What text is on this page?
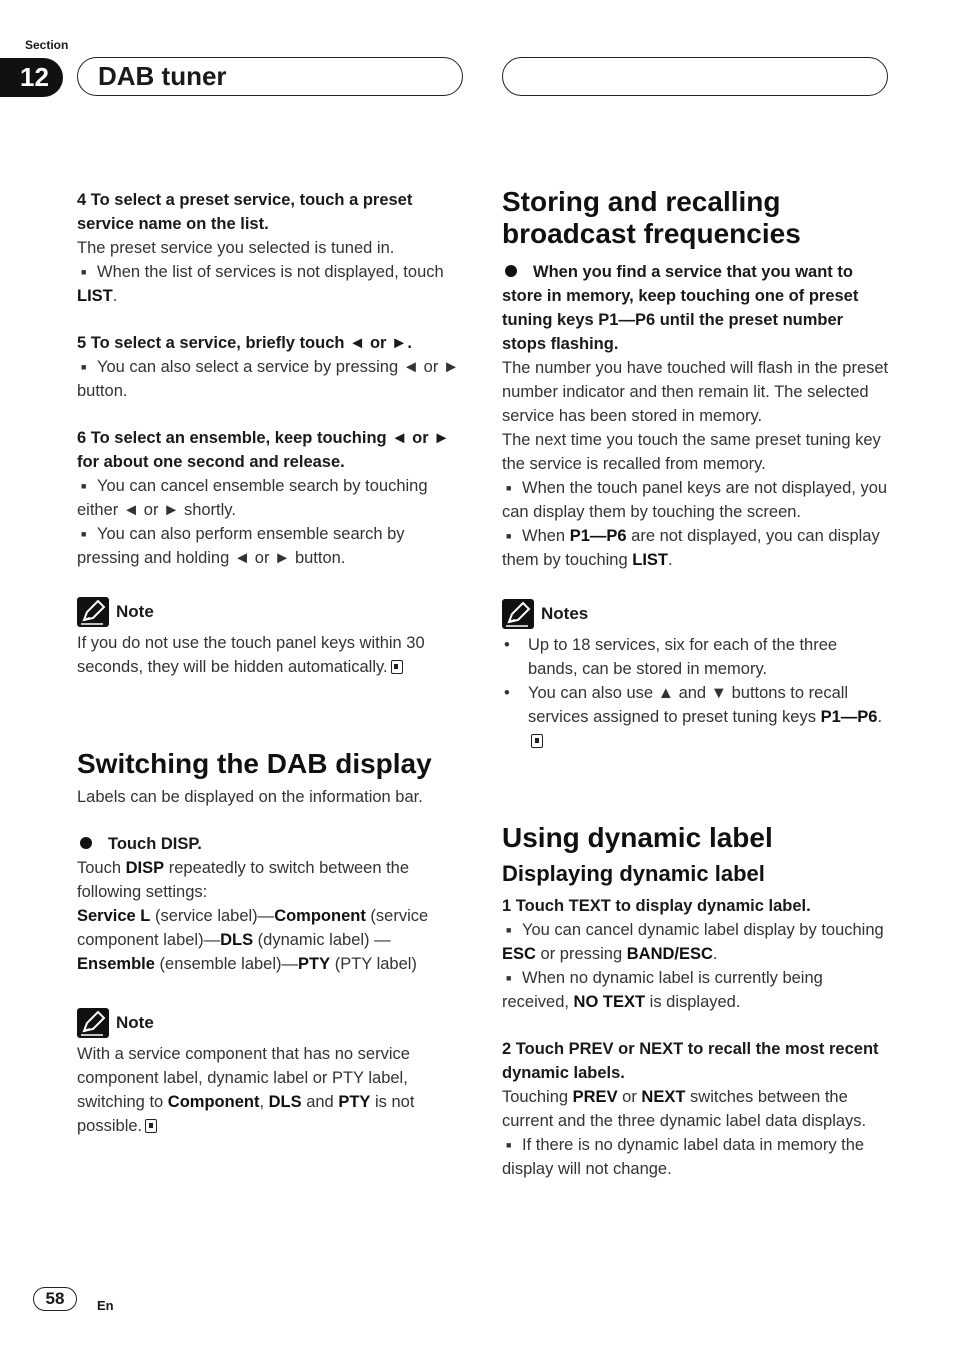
Section
12	DAB tuner

4 To select a preset service, touch a preset service name on the list.

The preset service you selected is tuned in.

■ When the list of services is not displayed, touch LIST.

5 To select a service, briefly touch ◄ or ►.

■ You can also select a service by pressing ◄ or ► button.

6 To select an ensemble, keep touching ◄ or ► for about one second and release.

■ You can cancel ensemble search by touching either ◄ or ► shortly.

■ You can also perform ensemble search by pressing and holding ◄ or ► button.

Note

If you do not use the touch panel keys within 30 seconds, they will be hidden automatically.

Switching the DAB display

Labels can be displayed on the information bar.

Touch DISP.

Touch DISP repeatedly to switch between the following settings:

Service L (service label)—Component (service component label)—DLS (dynamic label) —Ensemble (ensemble label)—PTY (PTY label)

Note

With a service component that has no service component label, dynamic label or PTY label, switching to Component, DLS and PTY is not possible.

Storing and recalling broadcast frequencies

When you find a service that you want to store in memory, keep touching one of preset tuning keys P1—P6 until the preset number stops flashing.

The number you have touched will flash in the preset number indicator and then remain lit. The selected service has been stored in memory.

The next time you touch the same preset tuning key the service is recalled from memory.

■ When the touch panel keys are not displayed, you can display them by touching the screen.

■ When P1—P6 are not displayed, you can display them by touching LIST.

Notes
• Up to 18 services, six for each of the three bands, can be stored in memory.
• You can also use ▲ and ▼ buttons to recall services assigned to preset tuning keys P1—P6.
Using dynamic label
Displaying dynamic label

1 Touch TEXT to display dynamic label.

■ You can cancel dynamic label display by touching ESC or pressing BAND/ESC.

■ When no dynamic label is currently being received, NO TEXT is displayed.

2 Touch PREV or NEXT to recall the most recent dynamic labels.

Touching PREV or NEXT switches between the current and the three dynamic label data displays.

■ If there is no dynamic label data in memory the display will not change.

58	En
